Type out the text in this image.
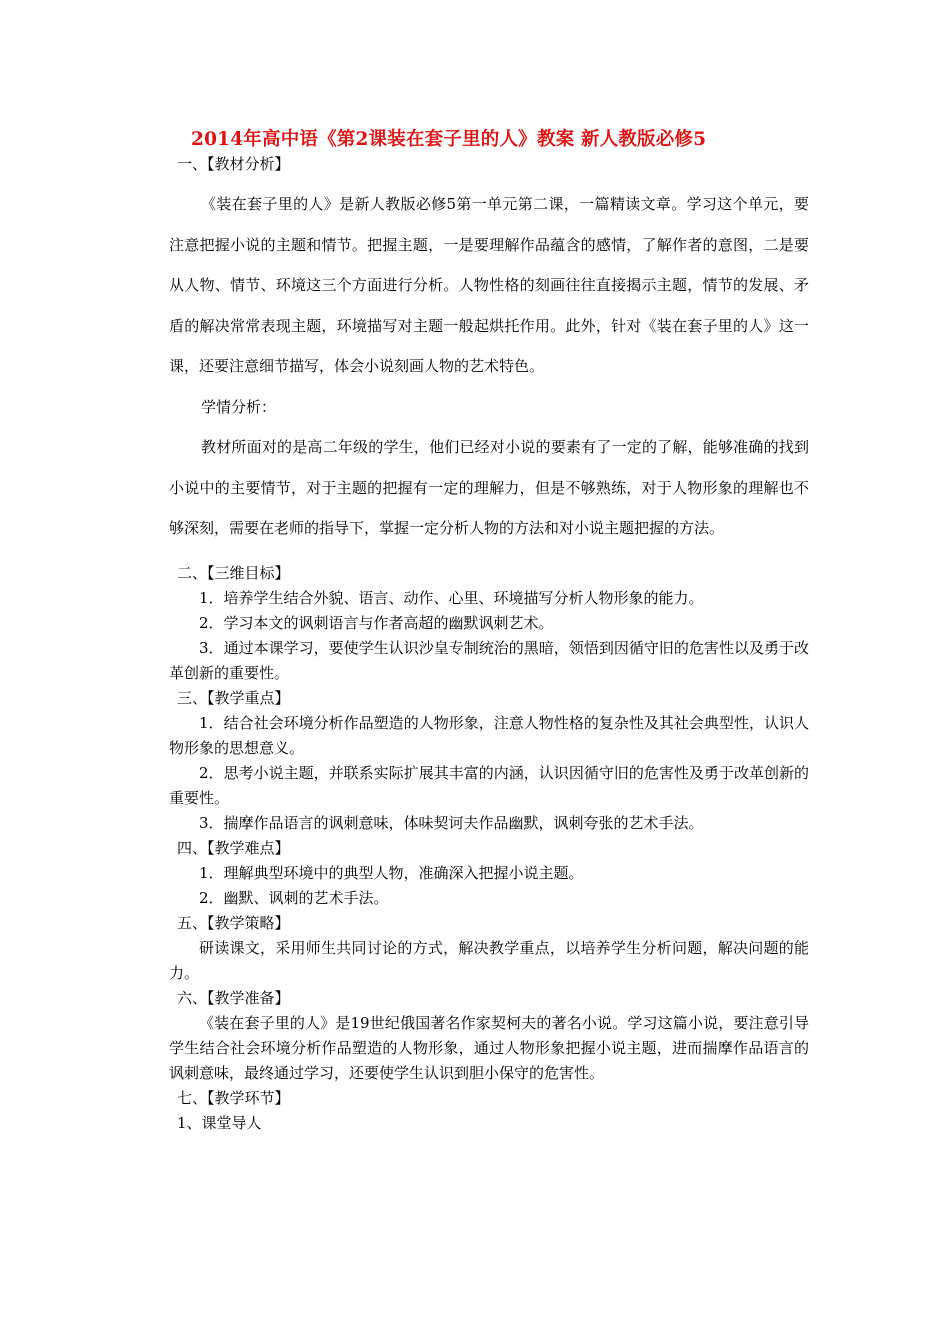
2014年高中语《第2课装在套子里的人》教案 新人教版必修5
一、【教材分析】
《装在套子里的人》是新人教版必修5第一单元第二课，一篇精读文章。学习这个单元，要注意把握小说的主题和情节。把握主题，一是要理解作品蕴含的感情，了解作者的意图，二是要从人物、情节、环境这三个方面进行分析。人物性格的刻画往往直接揭示主题，情节的发展、矛盾的解决常常表现主题，环境描写对主题一般起烘托作用。此外，针对《装在套子里的人》这一课，还要注意细节描写，体会小说刻画人物的艺术特色。
学情分析：
教材所面对的是高二年级的学生，他们已经对小说的要素有了一定的了解，能够准确的找到小说中的主要情节，对于主题的把握有一定的理解力，但是不够熟练，对于人物形象的理解也不够深刻，需要在老师的指导下，掌握一定分析人物的方法和对小说主题把握的方法。
二、【三维目标】
1．培养学生结合外貌、语言、动作、心里、环境描写分析人物形象的能力。
2．学习本文的讽刺语言与作者高超的幽默讽刺艺术。
3．通过本课学习，要使学生认识沙皇专制统治的黑暗，领悟到因循守旧的危害性以及勇于改革创新的重要性。
三、【教学重点】
1．结合社会环境分析作品塑造的人物形象，注意人物性格的复杂性及其社会典型性，认识人物形象的思想意义。
2．思考小说主题，并联系实际扩展其丰富的内涵，认识因循守旧的危害性及勇于改革创新的重要性。
3．揣摩作品语言的讽刺意味，体味契诃夫作品幽默，讽刺夸张的艺术手法。
四、【教学难点】
1．理解典型环境中的典型人物，准确深入把握小说主题。
2．幽默、讽刺的艺术手法。
五、【教学策略】
研读课文，采用师生共同讨论的方式，解决教学重点，以培养学生分析问题，解决问题的能力。
六、【教学准备】
《装在套子里的人》是19世纪俄国著名作家契柯夫的著名小说。学习这篇小说，要注意引导学生结合社会环境分析作品塑造的人物形象，通过人物形象把握小说主题，进而揣摩作品语言的讽刺意味，最终通过学习，还要使学生认识到胆小保守的危害性。
七、【教学环节】
1、课堂导人
